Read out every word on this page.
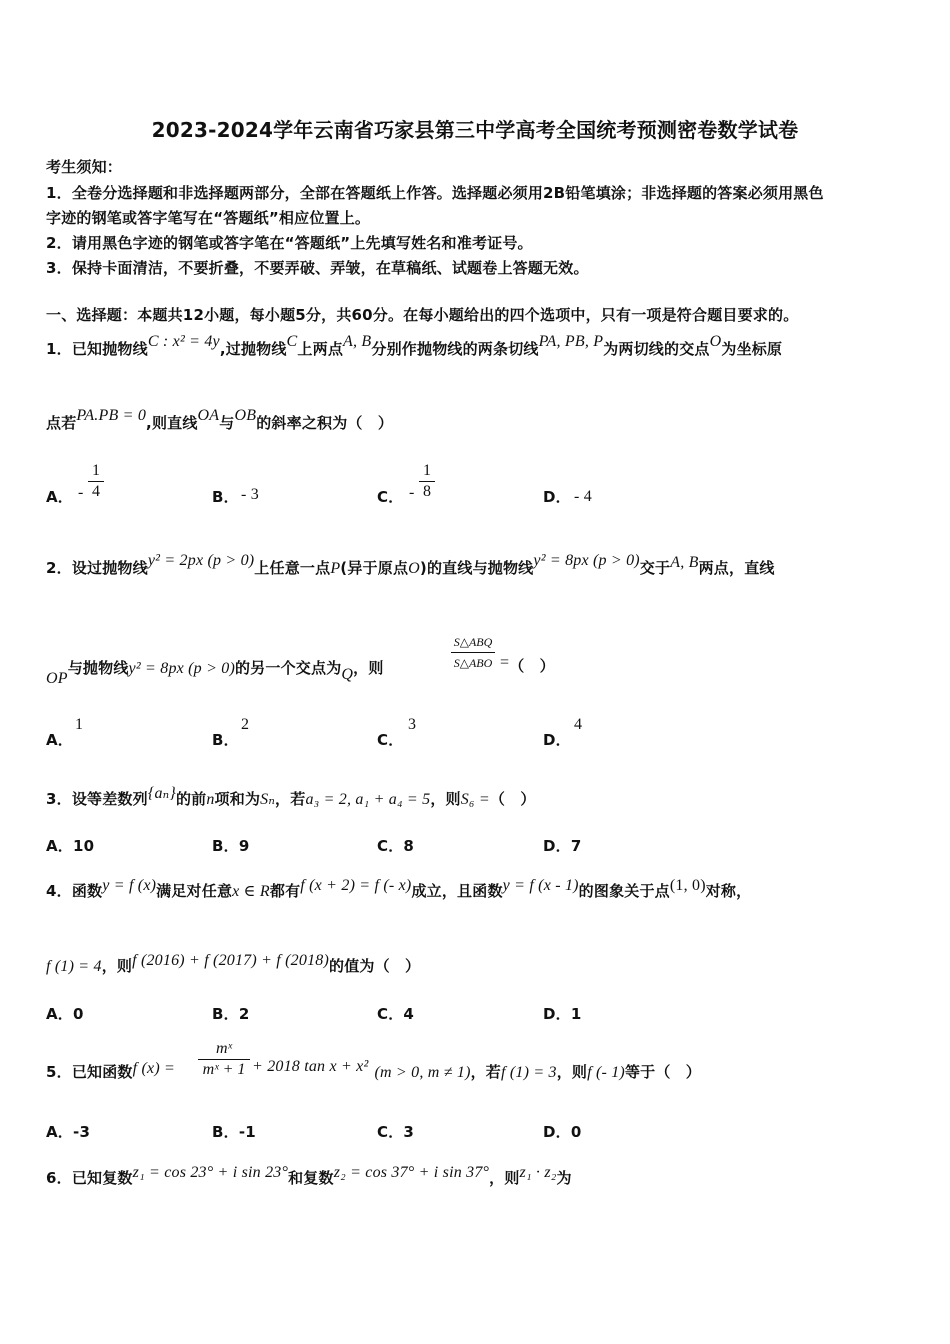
2023-2024学年云南省巧家县第三中学高考全国统考预测密卷数学试卷
考生须知：
1．全卷分选择题和非选择题两部分，全部在答题纸上作答。选择题必须用2B铅笔填涂；非选择题的答案必须用黑色
字迹的钢笔或答字笔写在“答题纸”相应位置上。
2．请用黑色字迹的钢笔或答字笔在“答题纸”上先填写姓名和准考证号。
3．保持卡面清洁，不要折叠，不要弄破、弄皱，在草稿纸、试题卷上答题无效。
一、选择题：本题共12小题，每小题5分，共60分。在每小题给出的四个选项中，只有一项是符合题目要求的。
1．已知抛物线C : x² = 4y,过抛物线C上两点A, B分别作抛物线的两条切线PA, PB, P为两切线的交点O为坐标原
点若PA.PB = 0,则直线OA与OB的斜率之积为（　）
A． -
1
4	B． - 3	C． -
1
8	D． - 4
2．设过抛物线y² = 2px (p > 0)上任意一点P(异于原点O)的直线与抛物线y² = 8px (p > 0)交于A, B两点，直线
OP与抛物线y² = 8px (p > 0)的另一个交点为Q，则
S△ABQ
S△ABO =（　）
A．
1
B．
2
C．
3
D．
4
3．设等差数列{aₙ}的前n项和为Sₙ，若a₃ = 2, a₁ + a₄ = 5，则S₆ =（　）
A．10	B．9	C．8	D．7
4．函数y = f (x)满足对任意x ∈ R都有f (x + 2) = f (- x)成立，且函数y = f (x - 1)的图象关于点(1, 0)对称，
f (1) = 4，则f (2016) + f (2017) + f (2018)的值为（　）
A．0	B．2	C．4	D．1
5．已知函数f (x) =
mˣ
mˣ + 1 + 2018 tan x + x² (m > 0, m ≠ 1)，若f (1) = 3，则f (- 1)等于（　）
A．-3	B．-1	C．3	D．0
6．已知复数z₁ = cos 23° + i sin 23°和复数z₂ = cos 37° + i sin 37°，则z₁ · z₂为
